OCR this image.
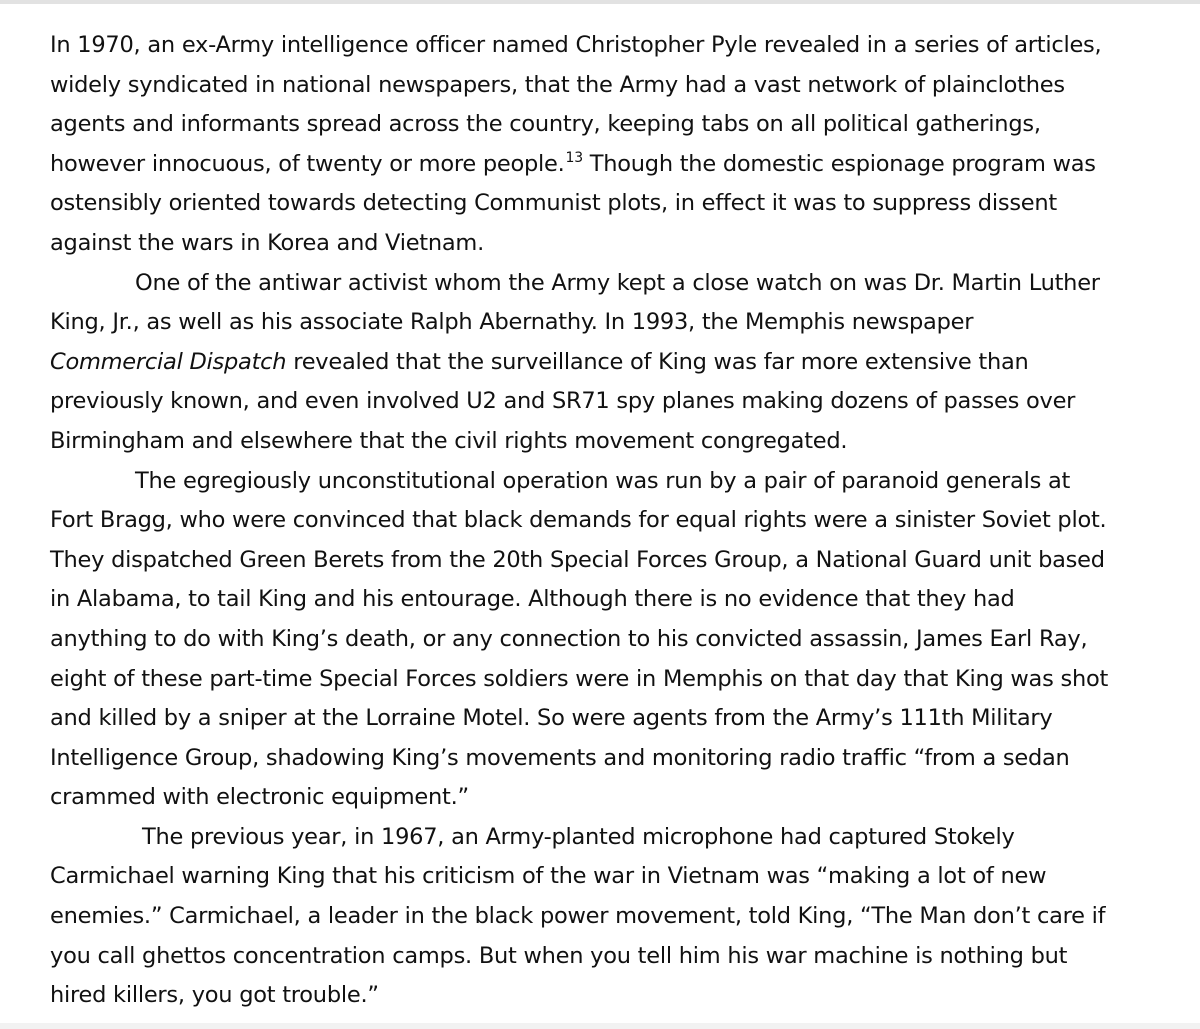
In 1970, an ex-Army intelligence officer named Christopher Pyle revealed in a series of articles,
widely syndicated in national newspapers, that the Army had a vast network of plainclothes
agents and informants spread across the country, keeping tabs on all political gatherings,
however innocuous, of twenty or more people.$^{13}$ Though the domestic espionage program was
ostensibly oriented towards detecting Communist plots, in effect it was to suppress dissent
against the wars in Korea and Vietnam.
One of the antiwar activist whom the Army kept a close watch on was Dr. Martin Luther
King, Jr., as well as his associate Ralph Abernathy. In 1993, the Memphis newspaper
Commercial Dispatch revealed that the surveillance of King was far more extensive than
previously known, and even involved U2 and SR71 spy planes making dozens of passes over
Birmingham and elsewhere that the civil rights movement congregated.
The egregiously unconstitutional operation was run by a pair of paranoid generals at
Fort Bragg, who were convinced that black demands for equal rights were a sinister Soviet plot.
They dispatched Green Berets from the 20th Special Forces Group, a National Guard unit based
in Alabama, to tail King and his entourage. Although there is no evidence that they had
anything to do with King’s death, or any connection to his convicted assassin, James Earl Ray,
eight of these part-time Special Forces soldiers were in Memphis on that day that King was shot
and killed by a sniper at the Lorraine Motel. So were agents from the Army’s 111th Military
Intelligence Group, shadowing King’s movements and monitoring radio traffic “from a sedan
crammed with electronic equipment.”
The previous year, in 1967, an Army-planted microphone had captured Stokely
Carmichael warning King that his criticism of the war in Vietnam was “making a lot of new
enemies.” Carmichael, a leader in the black power movement, told King, “The Man don’t care if
you call ghettos concentration camps. But when you tell him his war machine is nothing but
hired killers, you got trouble.”
